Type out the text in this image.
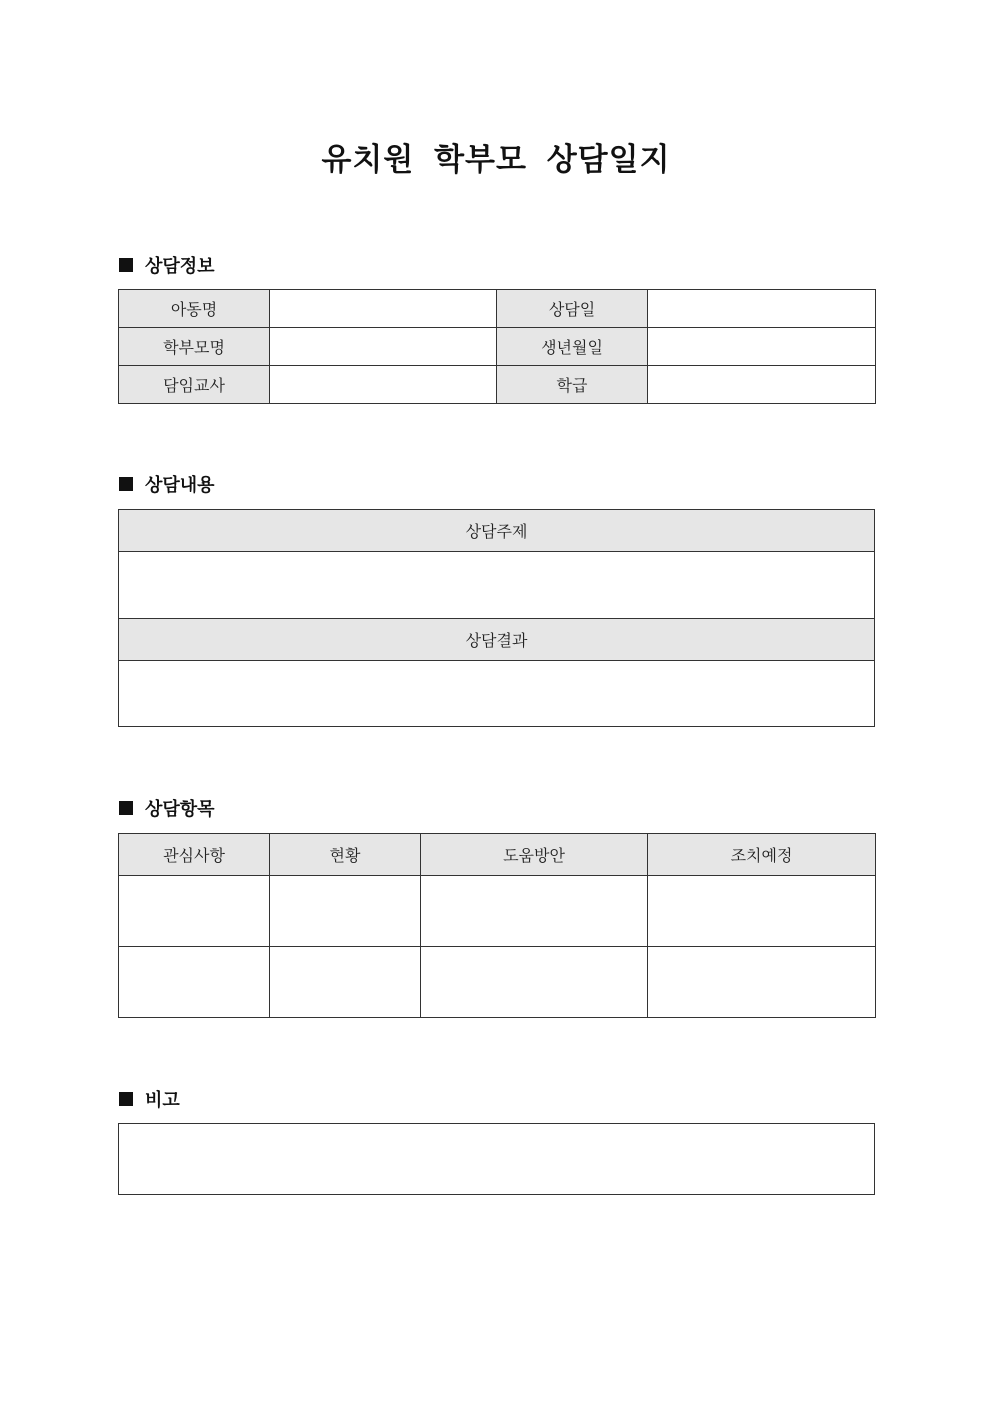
유치원 학부모 상담일지
상담정보
아동명		상담일	
학부모명		생년월일	
담임교사		학급	
상담내용
상담주제

상담결과

상담항목
관심사항	현황	도움방안	조치예정

비고
